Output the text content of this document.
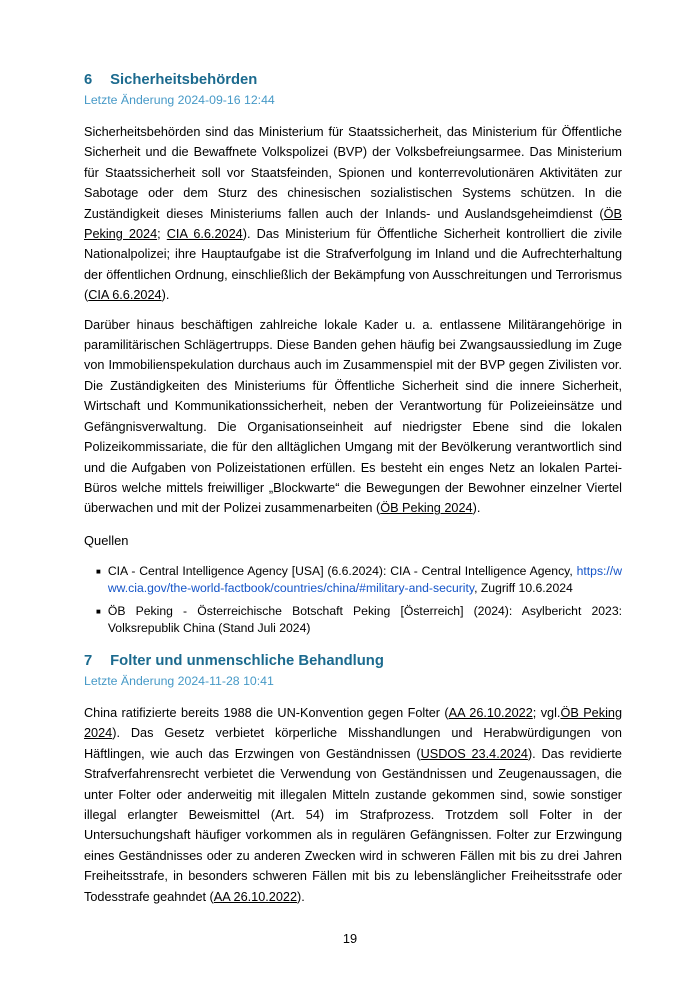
6 Sicherheitsbehörden
Letzte Änderung 2024-09-16 12:44

Sicherheitsbehörden sind das Ministerium für Staatssicherheit, das Ministerium für Öffentliche Sicherheit und die Bewaffnete Volkspolizei (BVP) der Volksbefreiungsarmee. Das Ministerium für Staatssicherheit soll vor Staatsfeinden, Spionen und konterrevolutionären Aktivitäten zur Sabotage oder dem Sturz des chinesischen sozialistischen Systems schützen. In die Zuständigkeit dieses Ministeriums fallen auch der Inlands- und Auslandsgeheimdienst (ÖB Peking 2024; CIA 6.6.2024). Das Ministerium für Öffentliche Sicherheit kontrolliert die zivile Nationalpolizei; ihre Hauptaufgabe ist die Strafverfolgung im Inland und die Aufrechterhaltung der öffentlichen Ordnung, einschließlich der Bekämpfung von Ausschreitungen und Terrorismus (CIA 6.6.2024).

Darüber hinaus beschäftigen zahlreiche lokale Kader u. a. entlassene Militärangehörige in paramilitärischen Schlägertrupps. Diese Banden gehen häufig bei Zwangsaussiedlung im Zuge von Immobilienspekulation durchaus auch im Zusammenspiel mit der BVP gegen Zivilisten vor. Die Zuständigkeiten des Ministeriums für Öffentliche Sicherheit sind die innere Sicherheit, Wirtschaft und Kommunikationssicherheit, neben der Verantwortung für Polizeieinsätze und Gefängnisverwaltung. Die Organisationseinheit auf niedrigster Ebene sind die lokalen Polizeikommissariate, die für den alltäglichen Umgang mit der Bevölkerung verantwortlich sind und die Aufgaben von Polizeistationen erfüllen. Es besteht ein enges Netz an lokalen Partei-Büros welche mittels freiwilliger „Blockwarte“ die Bewegungen der Bewohner einzelner Viertel überwachen und mit der Polizei zusammenarbeiten (ÖB Peking 2024).

Quellen
■ CIA - Central Intelligence Agency [USA] (6.6.2024): CIA - Central Intelligence Agency, https://www.cia.gov/the-world-factbook/countries/china/#military-and-security, Zugriff 10.6.2024
■ ÖB Peking - Österreichische Botschaft Peking [Österreich] (2024): Asylbericht 2023: Volksrepublik China (Stand Juli 2024)
7 Folter und unmenschliche Behandlung
Letzte Änderung 2024-11-28 10:41

China ratifizierte bereits 1988 die UN-Konvention gegen Folter (AA 26.10.2022; vgl.ÖB Peking 2024). Das Gesetz verbietet körperliche Misshandlungen und Herabwürdigungen von Häftlingen, wie auch das Erzwingen von Geständnissen (USDOS 23.4.2024). Das revidierte Strafverfahrensrecht verbietet die Verwendung von Geständnissen und Zeugenaussagen, die unter Folter oder anderweitig mit illegalen Mitteln zustande gekommen sind, sowie sonstiger illegal erlangter Beweismittel (Art. 54) im Strafprozess. Trotzdem soll Folter in der Untersuchungshaft häufiger vorkommen als in regulären Gefängnissen. Folter zur Erzwingung eines Geständnisses oder zu anderen Zwecken wird in schweren Fällen mit bis zu drei Jahren Freiheitsstrafe, in besonders schweren Fällen mit bis zu lebenslänglicher Freiheitsstrafe oder Todesstrafe geahndet (AA 26.10.2022).

19
